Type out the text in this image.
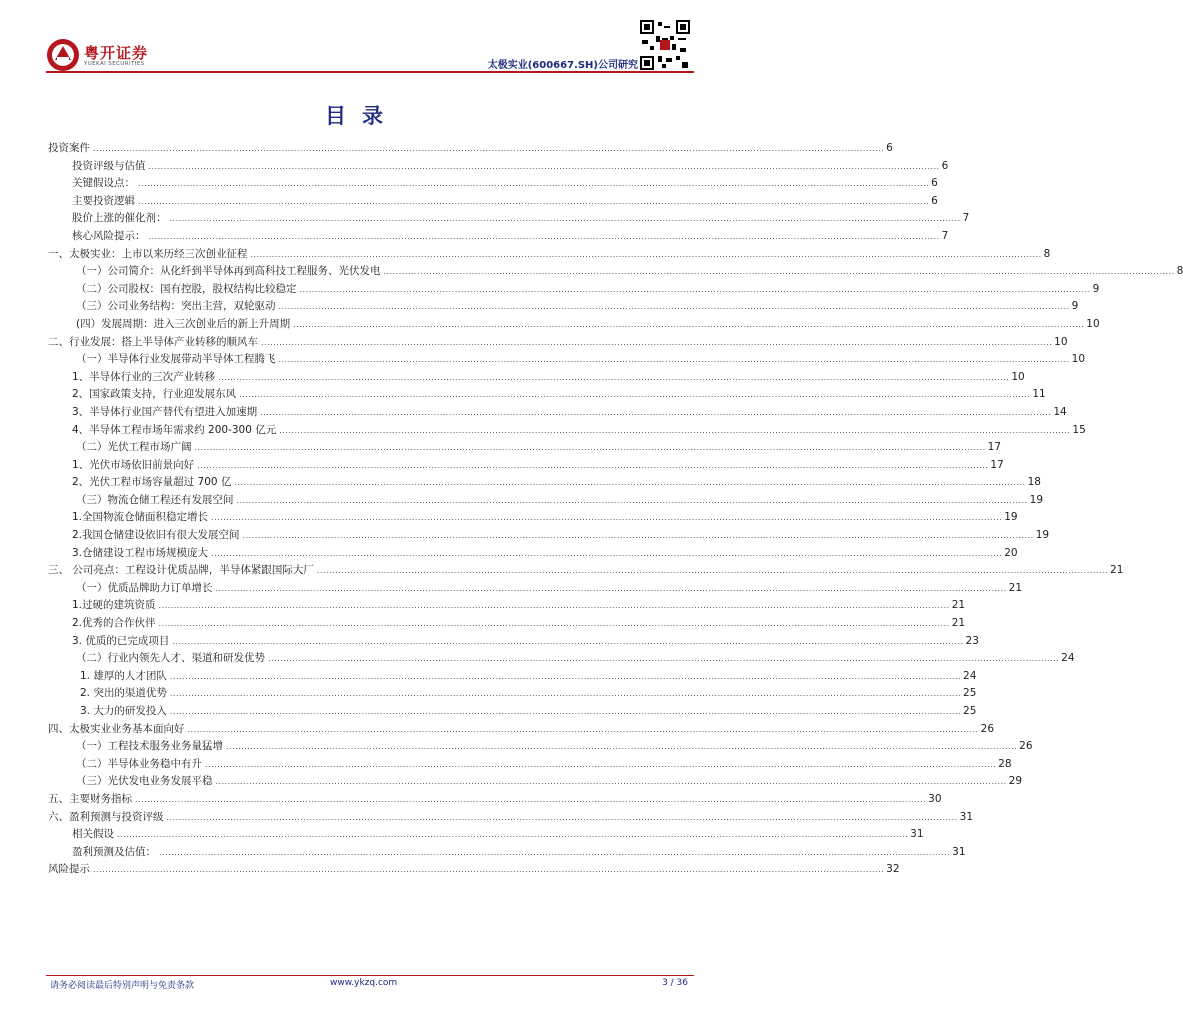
粤开证券
YUEKAI SECURITIES	太极实业(600667.SH)公司研究
目录
投资案件 .................................................................................................................................................................................................................................................................... 6
投资评级与估值 .................................................................................................................................................................................................................................................................... 6
关键假设点： .................................................................................................................................................................................................................................................................... 6
主要投资逻辑 .................................................................................................................................................................................................................................................................... 6
股价上涨的催化剂： .................................................................................................................................................................................................................................................................... 7
核心风险提示： .................................................................................................................................................................................................................................................................... 7
一、太极实业：上市以来历经三次创业征程 .................................................................................................................................................................................................................................................................... 8
（一）公司简介：从化纤到半导体再到高科技工程服务、光伏发电 .................................................................................................................................................................................................................................................................... 8
（二）公司股权：国有控股，股权结构比较稳定 .................................................................................................................................................................................................................................................................... 9
（三）公司业务结构：突出主营，双轮驱动 .................................................................................................................................................................................................................................................................... 9
(四）发展周期：进入三次创业后的新上升周期 .................................................................................................................................................................................................................................................................... 10
二、行业发展：搭上半导体产业转移的顺风车 .................................................................................................................................................................................................................................................................... 10
（一）半导体行业发展带动半导体工程腾飞 .................................................................................................................................................................................................................................................................... 10
1、半导体行业的三次产业转移 .................................................................................................................................................................................................................................................................... 10
2、国家政策支持，行业迎发展东风 .................................................................................................................................................................................................................................................................... 11
3、半导体行业国产替代有望进入加速期 .................................................................................................................................................................................................................................................................... 14
4、半导体工程市场年需求约 200-300 亿元 .................................................................................................................................................................................................................................................................... 15
（二）光伏工程市场广阔 .................................................................................................................................................................................................................................................................... 17
1、光伏市场依旧前景向好 .................................................................................................................................................................................................................................................................... 17
2、光伏工程市场容量超过 700 亿 .................................................................................................................................................................................................................................................................... 18
（三）物流仓储工程还有发展空间 .................................................................................................................................................................................................................................................................... 19
1.全国物流仓储面积稳定增长 .................................................................................................................................................................................................................................................................... 19
2.我国仓储建设依旧有很大发展空间 .................................................................................................................................................................................................................................................................... 19
3.仓储建设工程市场规模庞大 .................................................................................................................................................................................................................................................................... 20
三、 公司亮点：工程设计优质品牌，半导体紧跟国际大厂 .................................................................................................................................................................................................................................................................... 21
（一）优质品牌助力订单增长 .................................................................................................................................................................................................................................................................... 21
1.过硬的建筑资质 .................................................................................................................................................................................................................................................................... 21
2.优秀的合作伙伴 .................................................................................................................................................................................................................................................................... 21
3. 优质的已完成项目 .................................................................................................................................................................................................................................................................... 23
（二）行业内领先人才、渠道和研发优势 .................................................................................................................................................................................................................................................................... 24
1. 雄厚的人才团队 .................................................................................................................................................................................................................................................................... 24
2. 突出的渠道优势 .................................................................................................................................................................................................................................................................... 25
3. 大力的研发投入 .................................................................................................................................................................................................................................................................... 25
四、太极实业业务基本面向好 .................................................................................................................................................................................................................................................................... 26
（一）工程技术服务业务量猛增 .................................................................................................................................................................................................................................................................... 26
（二）半导体业务稳中有升 .................................................................................................................................................................................................................................................................... 28
（三）光伏发电业务发展平稳 .................................................................................................................................................................................................................................................................... 29
五、主要财务指标 .................................................................................................................................................................................................................................................................... 30
六、盈利预测与投资评级 .................................................................................................................................................................................................................................................................... 31
相关假设 .................................................................................................................................................................................................................................................................... 31
盈利预测及估值： .................................................................................................................................................................................................................................................................... 31
风险提示 .................................................................................................................................................................................................................................................................... 32
请务必阅读最后特别声明与免责条款	www.ykzq.com	3 / 36
